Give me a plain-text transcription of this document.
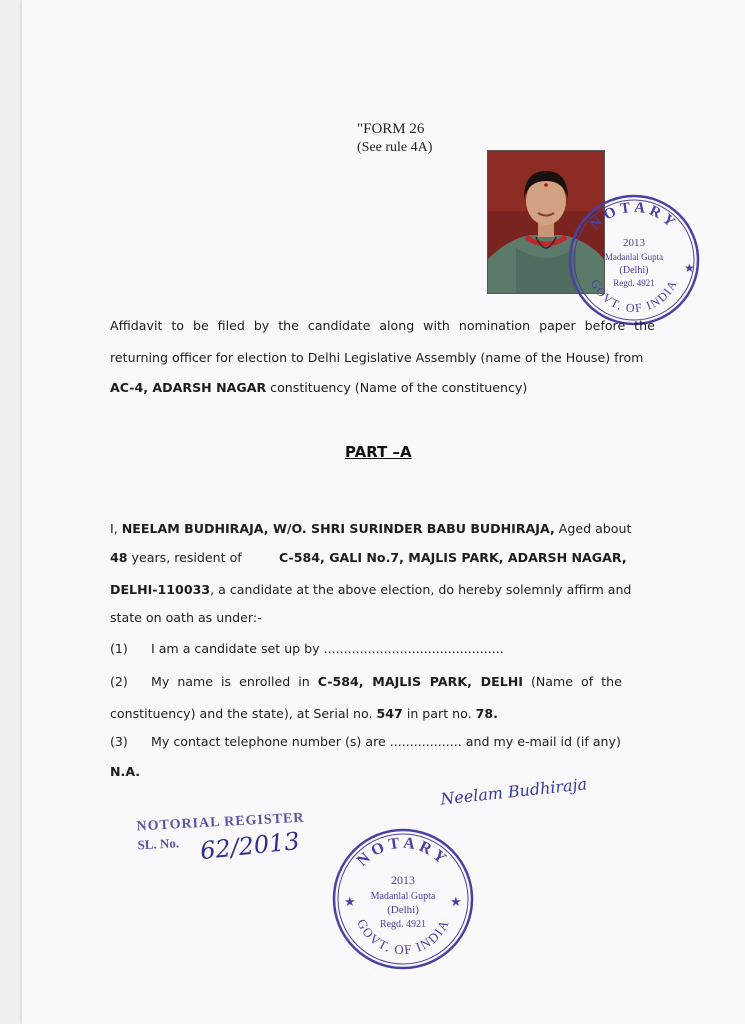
"FORM 26
(See rule 4A)
NOTARY
GOVT. OF INDIA
2013
Madanlal Gupta
(Delhi)
Regd. 4921
★
Affidavit to be filed by the candidate along with nomination paper before the
returning officer for election to Delhi Legislative Assembly (name of the House) from
AC-4, ADARSH NAGAR constituency (Name of the constituency)
PART –A
I, NEELAM BUDHIRAJA, W/O. SHRI SURINDER BABU BUDHIRAJA, Aged about
48 years, resident of	C-584, GALI No.7, MAJLIS PARK, ADARSH NAGAR,
DELHI-110033, a candidate at the above election, do hereby solemnly affirm and
state on oath as under:-
(1) I am a candidate set up by .............................................
(2) My  name  is  enrolled  in  C-584,  MAJLIS  PARK,  DELHI  (Name  of  the
constituency) and the state), at Serial no. 547 in part no. 78.
(3) My contact telephone number (s) are .................. and my e-mail id (if any)
N.A.
Neelam Budhiraja
NOTORIAL REGISTER
SL. No. 62/2013	NOTARY
GOVT. OF INDIA
2013
Madanlal Gupta
(Delhi)
Regd. 4921
★	★
